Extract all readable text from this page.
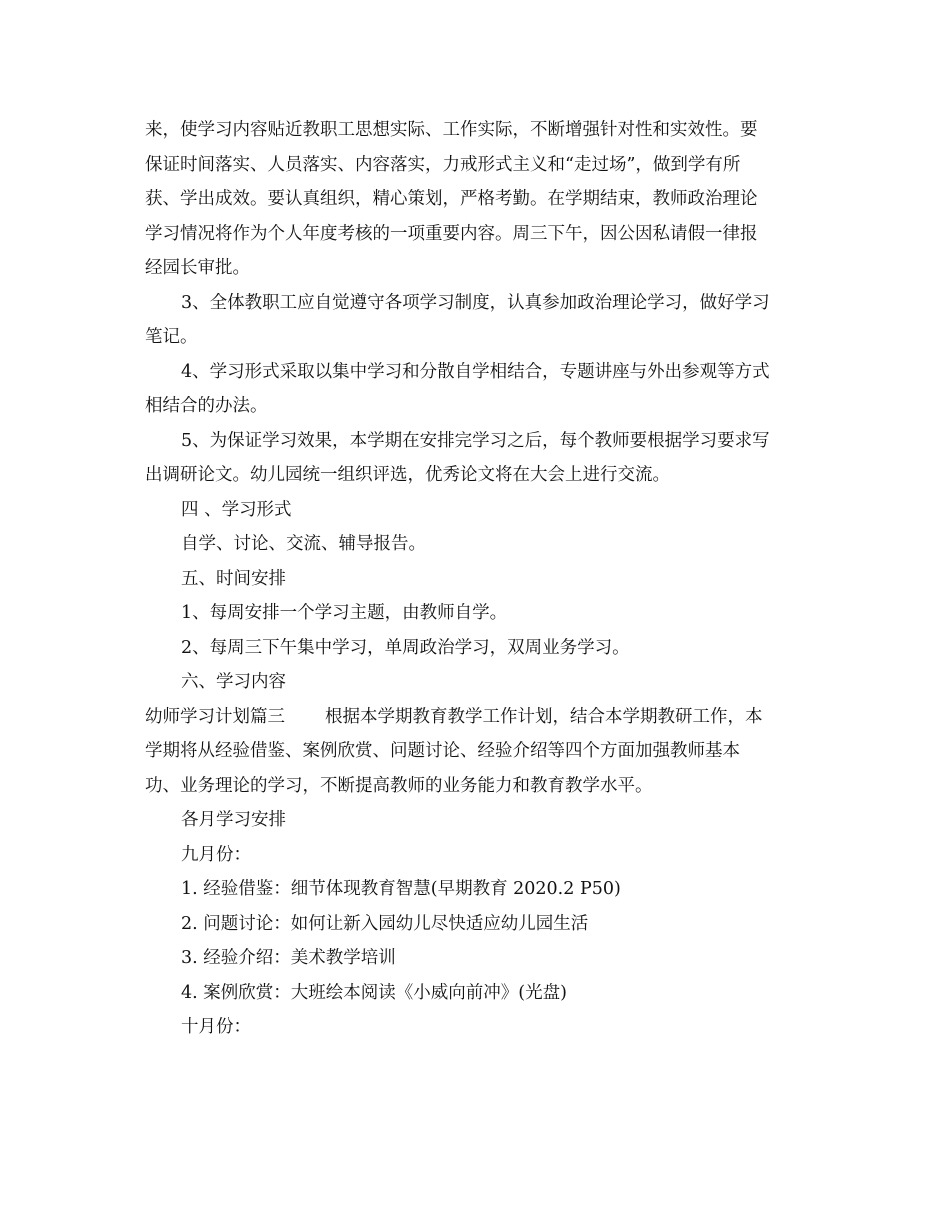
来，使学习内容贴近教职工思想实际、工作实际，不断增强针对性和实效性。要
保证时间落实、人员落实、内容落实，力戒形式主义和“走过场”，做到学有所
获、学出成效。要认真组织，精心策划，严格考勤。在学期结束，教师政治理论
学习情况将作为个人年度考核的一项重要内容。周三下午，因公因私请假一律报
经园长审批。
3、全体教职工应自觉遵守各项学习制度，认真参加政治理论学习，做好学习
笔记。
4、学习形式采取以集中学习和分散自学相结合，专题讲座与外出参观等方式
相结合的办法。
5、为保证学习效果，本学期在安排完学习之后，每个教师要根据学习要求写
出调研论文。幼儿园统一组织评选，优秀论文将在大会上进行交流。
四 、学习形式
自学、讨论、交流、辅导报告。
五、时间安排
1、每周安排一个学习主题，由教师自学。
2、每周三下午集中学习，单周政治学习，双周业务学习。
六、学习内容
幼师学习计划篇三 根据本学期教育教学工作计划，结合本学期教研工作，本
学期将从经验借鉴、案例欣赏、问题讨论、经验介绍等四个方面加强教师基本
功、业务理论的学习，不断提高教师的业务能力和教育教学水平。
各月学习安排
九月份：
1. 经验借鉴：细节体现教育智慧(早期教育 2020.2 P50)
2. 问题讨论：如何让新入园幼儿尽快适应幼儿园生活
3. 经验介绍：美术教学培训
4. 案例欣赏：大班绘本阅读《小威向前冲》(光盘)
十月份：
